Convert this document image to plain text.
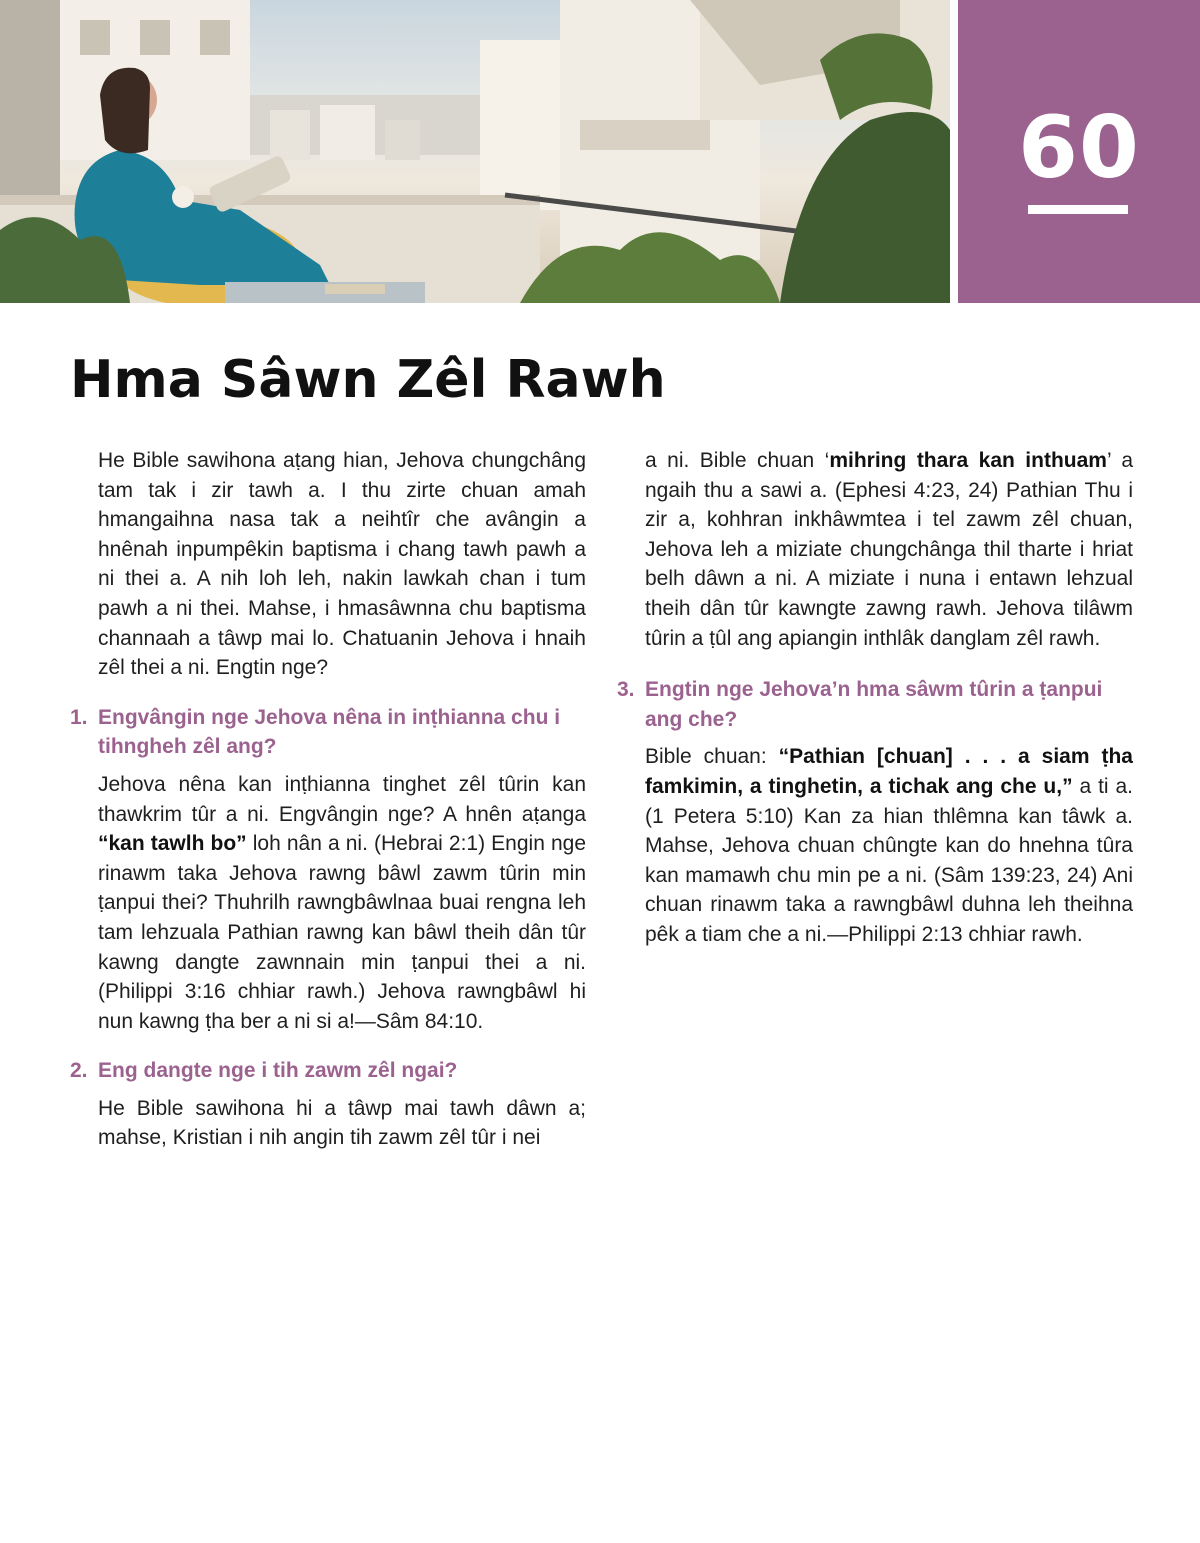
60
Hma Sâwn Zêl Rawh

He Bible sawihona aṭang hian, Jehova chungchâng tam tak i zir tawh a. I thu zirte chuan amah hmangaihna nasa tak a neihtîr che avângin a hnênah inpumpêkin baptisma i chang tawh pawh a ni thei a. A nih loh leh, nakin lawkah chan i tum pawh a ni thei. Mahse, i hmasâwnna chu baptisma channaah a tâwp mai lo. Chatuanin Jehova i hnaih zêl thei a ni. Engtin nge?

1. Engvângin nge Jehova nêna in inṭhianna chu i tihngheh zêl ang?

Jehova nêna kan inṭhianna tinghet zêl tûrin kan thawkrim tûr a ni. Engvângin nge? A hnên aṭanga “kan tawlh bo” loh nân a ni. (Hebrai 2:1) Engin nge rinawm taka Jehova rawng bâwl zawm tûrin min ṭanpui thei? Thuhrilh rawngbâwlnaa buai rengna leh tam lehzuala Pathian rawng kan bâwl theih dân tûr kawng dangte zawnnain min ṭanpui thei a ni. (Philippi 3:16 chhiar rawh.) Jehova rawngbâwl hi nun kawng ṭha ber a ni si a!—Sâm 84:10.

2. Eng dangte nge i tih zawm zêl ngai?

He Bible sawihona hi a tâwp mai tawh dâwn a; mahse, Kristian i nih angin tih zawm zêl tûr i nei

a ni. Bible chuan ‘mihring thara kan inthuam’ a ngaih thu a sawi a. (Ephesi 4:23, 24) Pathian Thu i zir a, kohhran inkhâwmtea i tel zawm zêl chuan, Jehova leh a miziate chungchânga thil tharte i hriat belh dâwn a ni. A miziate i nuna i entawn lehzual theih dân tûr kawngte zawng rawh. Jehova tilâwm tûrin a ṭûl ang apiangin inthlâk danglam zêl rawh.

3. Engtin nge Jehova’n hma sâwm tûrin a ṭanpui ang che?

Bible chuan: “Pathian [chuan] . . . a siam ṭha famkimin, a tinghetin, a tichak ang che u,” a ti a. (1 Petera 5:10) Kan za hian thlêmna kan tâwk a. Mahse, Jehova chuan chûngte kan do hnehna tûra kan mamawh chu min pe a ni. (Sâm 139:23, 24) Ani chuan rinawm taka a rawngbâwl duhna leh theihna pêk a tiam che a ni.—Philippi 2:13 chhiar rawh.
